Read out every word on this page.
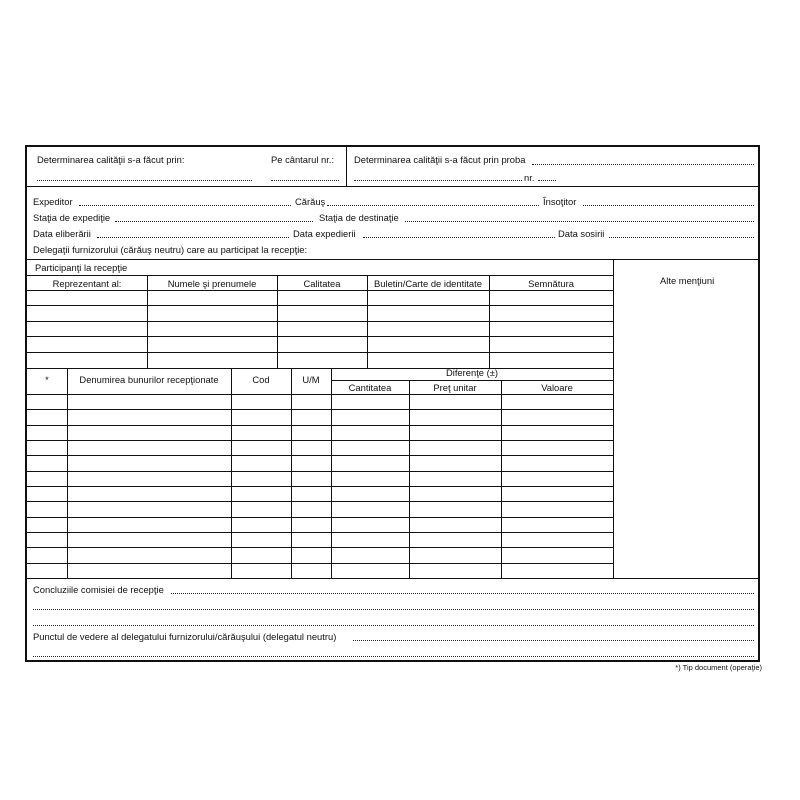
Determinarea calităţii s-a făcut prin:	Pe cântarul nr.: Determinarea calităţii s-a făcut prin proba
nr.
Expeditor	Cărăuş	Însoţitor
Staţia de expediţie	Staţia de destinaţie
Data eliberării	Data expedierii	Data sosirii
Delegaţii furnizorului (cărăuş neutru) care au participat la recepţie:
Alte menţiuni
Participanţi la recepţie
Reprezentant al:	Numele şi prenumele	Calitatea	Buletin/Carte de identitate	Semnătura
*	Denumirea bunurilor recepţionate	Cod	U/M
Diferenţe (±)
Cantitatea	Preţ unitar	Valoare
Concluziile comisiei de recepţie
Punctul de vedere al delegatului furnizorului/cărăuşului (delegatul neutru)
*) Tip document (operaţie)
